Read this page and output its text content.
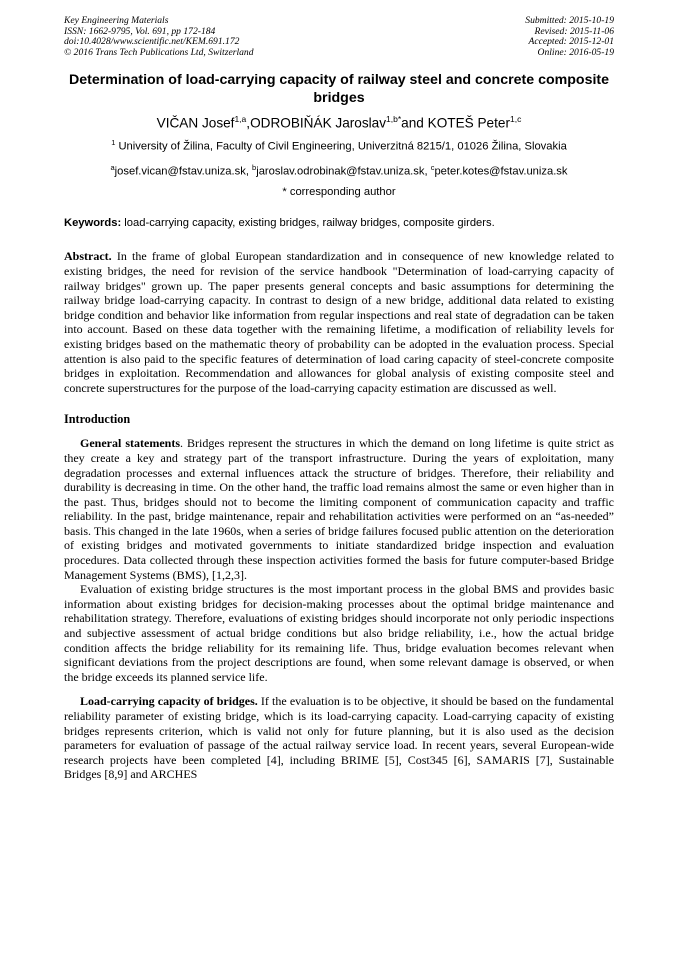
Key Engineering Materials
ISSN: 1662-9795, Vol. 691, pp 172-184
doi:10.4028/www.scientific.net/KEM.691.172
© 2016 Trans Tech Publications Ltd, Switzerland
Submitted: 2015-10-19
Revised: 2015-11-06
Accepted: 2015-12-01
Online: 2016-05-19
Determination of load-carrying capacity of railway steel and concrete composite bridges
VIČAN Josef$^{1,a}$,ODROBIŇÁK Jaroslav$^{1,b*}$and KOTEŠ Peter$^{1,c}$
$^1$ University of Žilina, Faculty of Civil Engineering, Univerzitná 8215/1, 01026 Žilina, Slovakia
$^a$josef.vican@fstav.uniza.sk, $^b$jaroslav.odrobinak@fstav.uniza.sk, $^c$peter.kotes@fstav.uniza.sk
* corresponding author
Keywords: load-carrying capacity, existing bridges, railway bridges, composite girders.
Abstract. In the frame of global European standardization and in consequence of new knowledge related to existing bridges, the need for revision of the service handbook "Determination of load-carrying capacity of railway bridges" grown up. The paper presents general concepts and basic assumptions for determining the railway bridge load-carrying capacity. In contrast to design of a new bridge, additional data related to existing bridge condition and behavior like information from regular inspections and real state of degradation can be taken into account. Based on these data together with the remaining lifetime, a modification of reliability levels for existing bridges based on the mathematic theory of probability can be adopted in the evaluation process. Special attention is also paid to the specific features of determination of load caring capacity of steel-concrete composite bridges in exploitation. Recommendation and allowances for global analysis of existing composite steel and concrete superstructures for the purpose of the load-carrying capacity estimation are discussed as well.
Introduction

General statements. Bridges represent the structures in which the demand on long lifetime is quite strict as they create a key and strategy part of the transport infrastructure. During the years of exploitation, many degradation processes and external influences attack the structure of bridges. Therefore, their reliability and durability is decreasing in time. On the other hand, the traffic load remains almost the same or even higher than in the past. Thus, bridges should not to become the limiting component of communication capacity and traffic reliability. In the past, bridge maintenance, repair and rehabilitation activities were performed on an “as-needed” basis. This changed in the late 1960s, when a series of bridge failures focused public attention on the deterioration of existing bridges and motivated governments to initiate standardized bridge inspection and evaluation procedures. Data collected through these inspection activities formed the basis for future computer-based Bridge Management Systems (BMS), [1,2,3].

Evaluation of existing bridge structures is the most important process in the global BMS and provides basic information about existing bridges for decision-making processes about the optimal bridge maintenance and rehabilitation strategy. Therefore, evaluations of existing bridges should incorporate not only periodic inspections and subjective assessment of actual bridge conditions but also bridge reliability, i.e., how the actual bridge condition affects the bridge reliability for its remaining life. Thus, bridge evaluation becomes relevant when significant deviations from the project descriptions are found, when some relevant damage is observed, or when the bridge exceeds its planned service life.

Load-carrying capacity of bridges. If the evaluation is to be objective, it should be based on the fundamental reliability parameter of existing bridge, which is its load-carrying capacity. Load-carrying capacity of existing bridges represents criterion, which is valid not only for future planning, but it is also used as the decision parameters for evaluation of passage of the actual railway service load. In recent years, several European-wide research projects have been completed [4], including BRIME [5], Cost345 [6], SAMARIS [7], Sustainable Bridges [8,9] and ARCHES
